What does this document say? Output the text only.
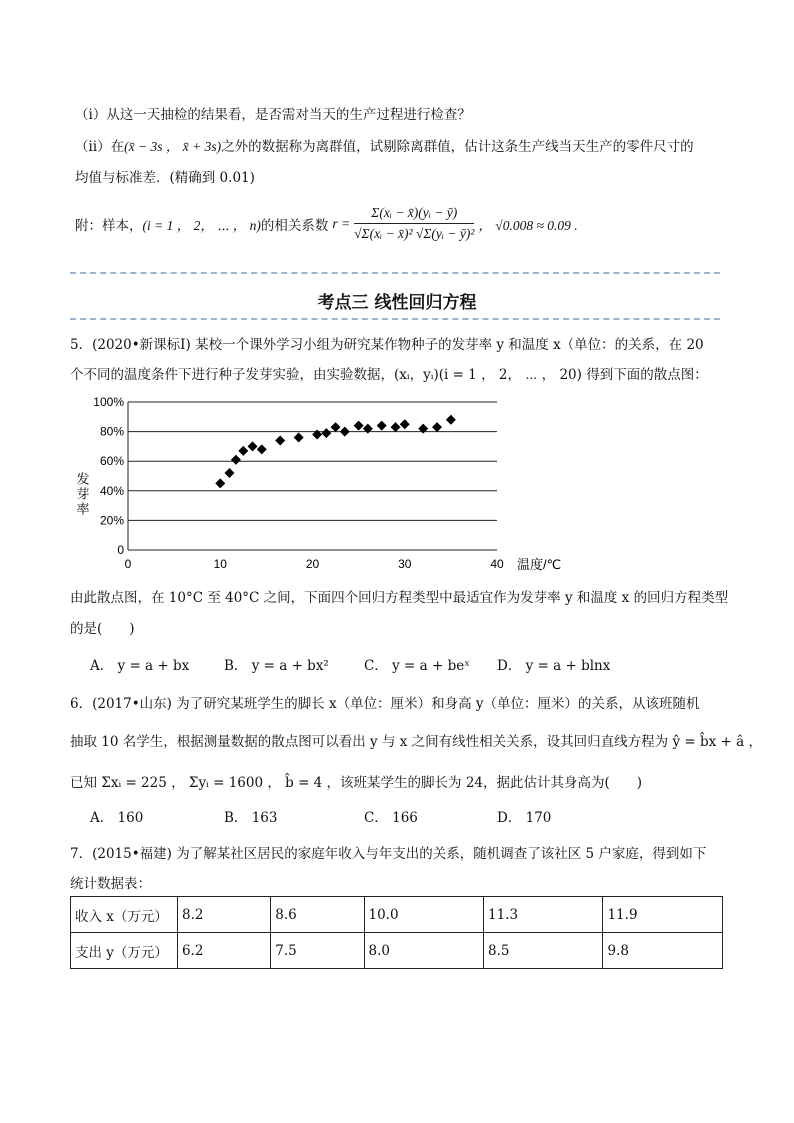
（ⅰ）从这一天抽检的结果看，是否需对当天的生产过程进行检查？
（ⅱ）在(x̄ − 3s ， x̄ + 3s)之外的数据称为离群值，试剔除离群值，估计这条生产线当天生产的零件尺寸的
均值与标准差．(精确到 0.01)
附：样本， (i = 1 ， 2， ⋯ ， n) 的相关系数 $r = \frac{\text{Σ(xᵢ − x̄)(yᵢ − ȳ)}}{\text{√Σ(xᵢ − x̄)² √Σ(yᵢ − ȳ)²}}$ ， √0.008 ≈ 0.09 .
考点三 线性回归方程
5．(2020•新课标Ⅰ) 某校一个课外学习小组为研究某作物种子的发芽率 y 和温度 x（单位：的关系，在 20
个不同的温度条件下进行种子发芽实验，由实验数据，(xᵢ，yᵢ)(i = 1 ， 2， ⋯ ， 20) 得到下面的散点图：
0
20%
40%
60%
80%
100%
0	10	20	30	40
发芽率
温度/℃
由此散点图，在 10°C 至 40°C 之间，下面四个回归方程类型中最适宜作为发芽率 y 和温度 x 的回归方程类型
的是(　　)
A． y = a + bx	B． y = a + bx²	C． y = a + beˣ D． y = a + blnx
6．(2017•山东) 为了研究某班学生的脚长 x（单位：厘米）和身高 y（单位：厘米）的关系，从该班随机
抽取 10 名学生，根据测量数据的散点图可以看出 y 与 x 之间有线性相关关系，设其回归直线方程为 ŷ = b̂x + â ，
已知 Σxᵢ = 225 ， Σyᵢ = 1600 ， b̂ = 4 ，该班某学生的脚长为 24，据此估计其身高为(　　)
A． 160	B． 163	C． 166	D． 170
7．(2015•福建) 为了解某社区居民的家庭年收入与年支出的关系，随机调查了该社区 5 户家庭，得到如下
统计数据表：
收入 x（万元）	8.2	8.6	10.0	11.3	11.9
支出 y（万元）	6.2	7.5	8.0	8.5	9.8
